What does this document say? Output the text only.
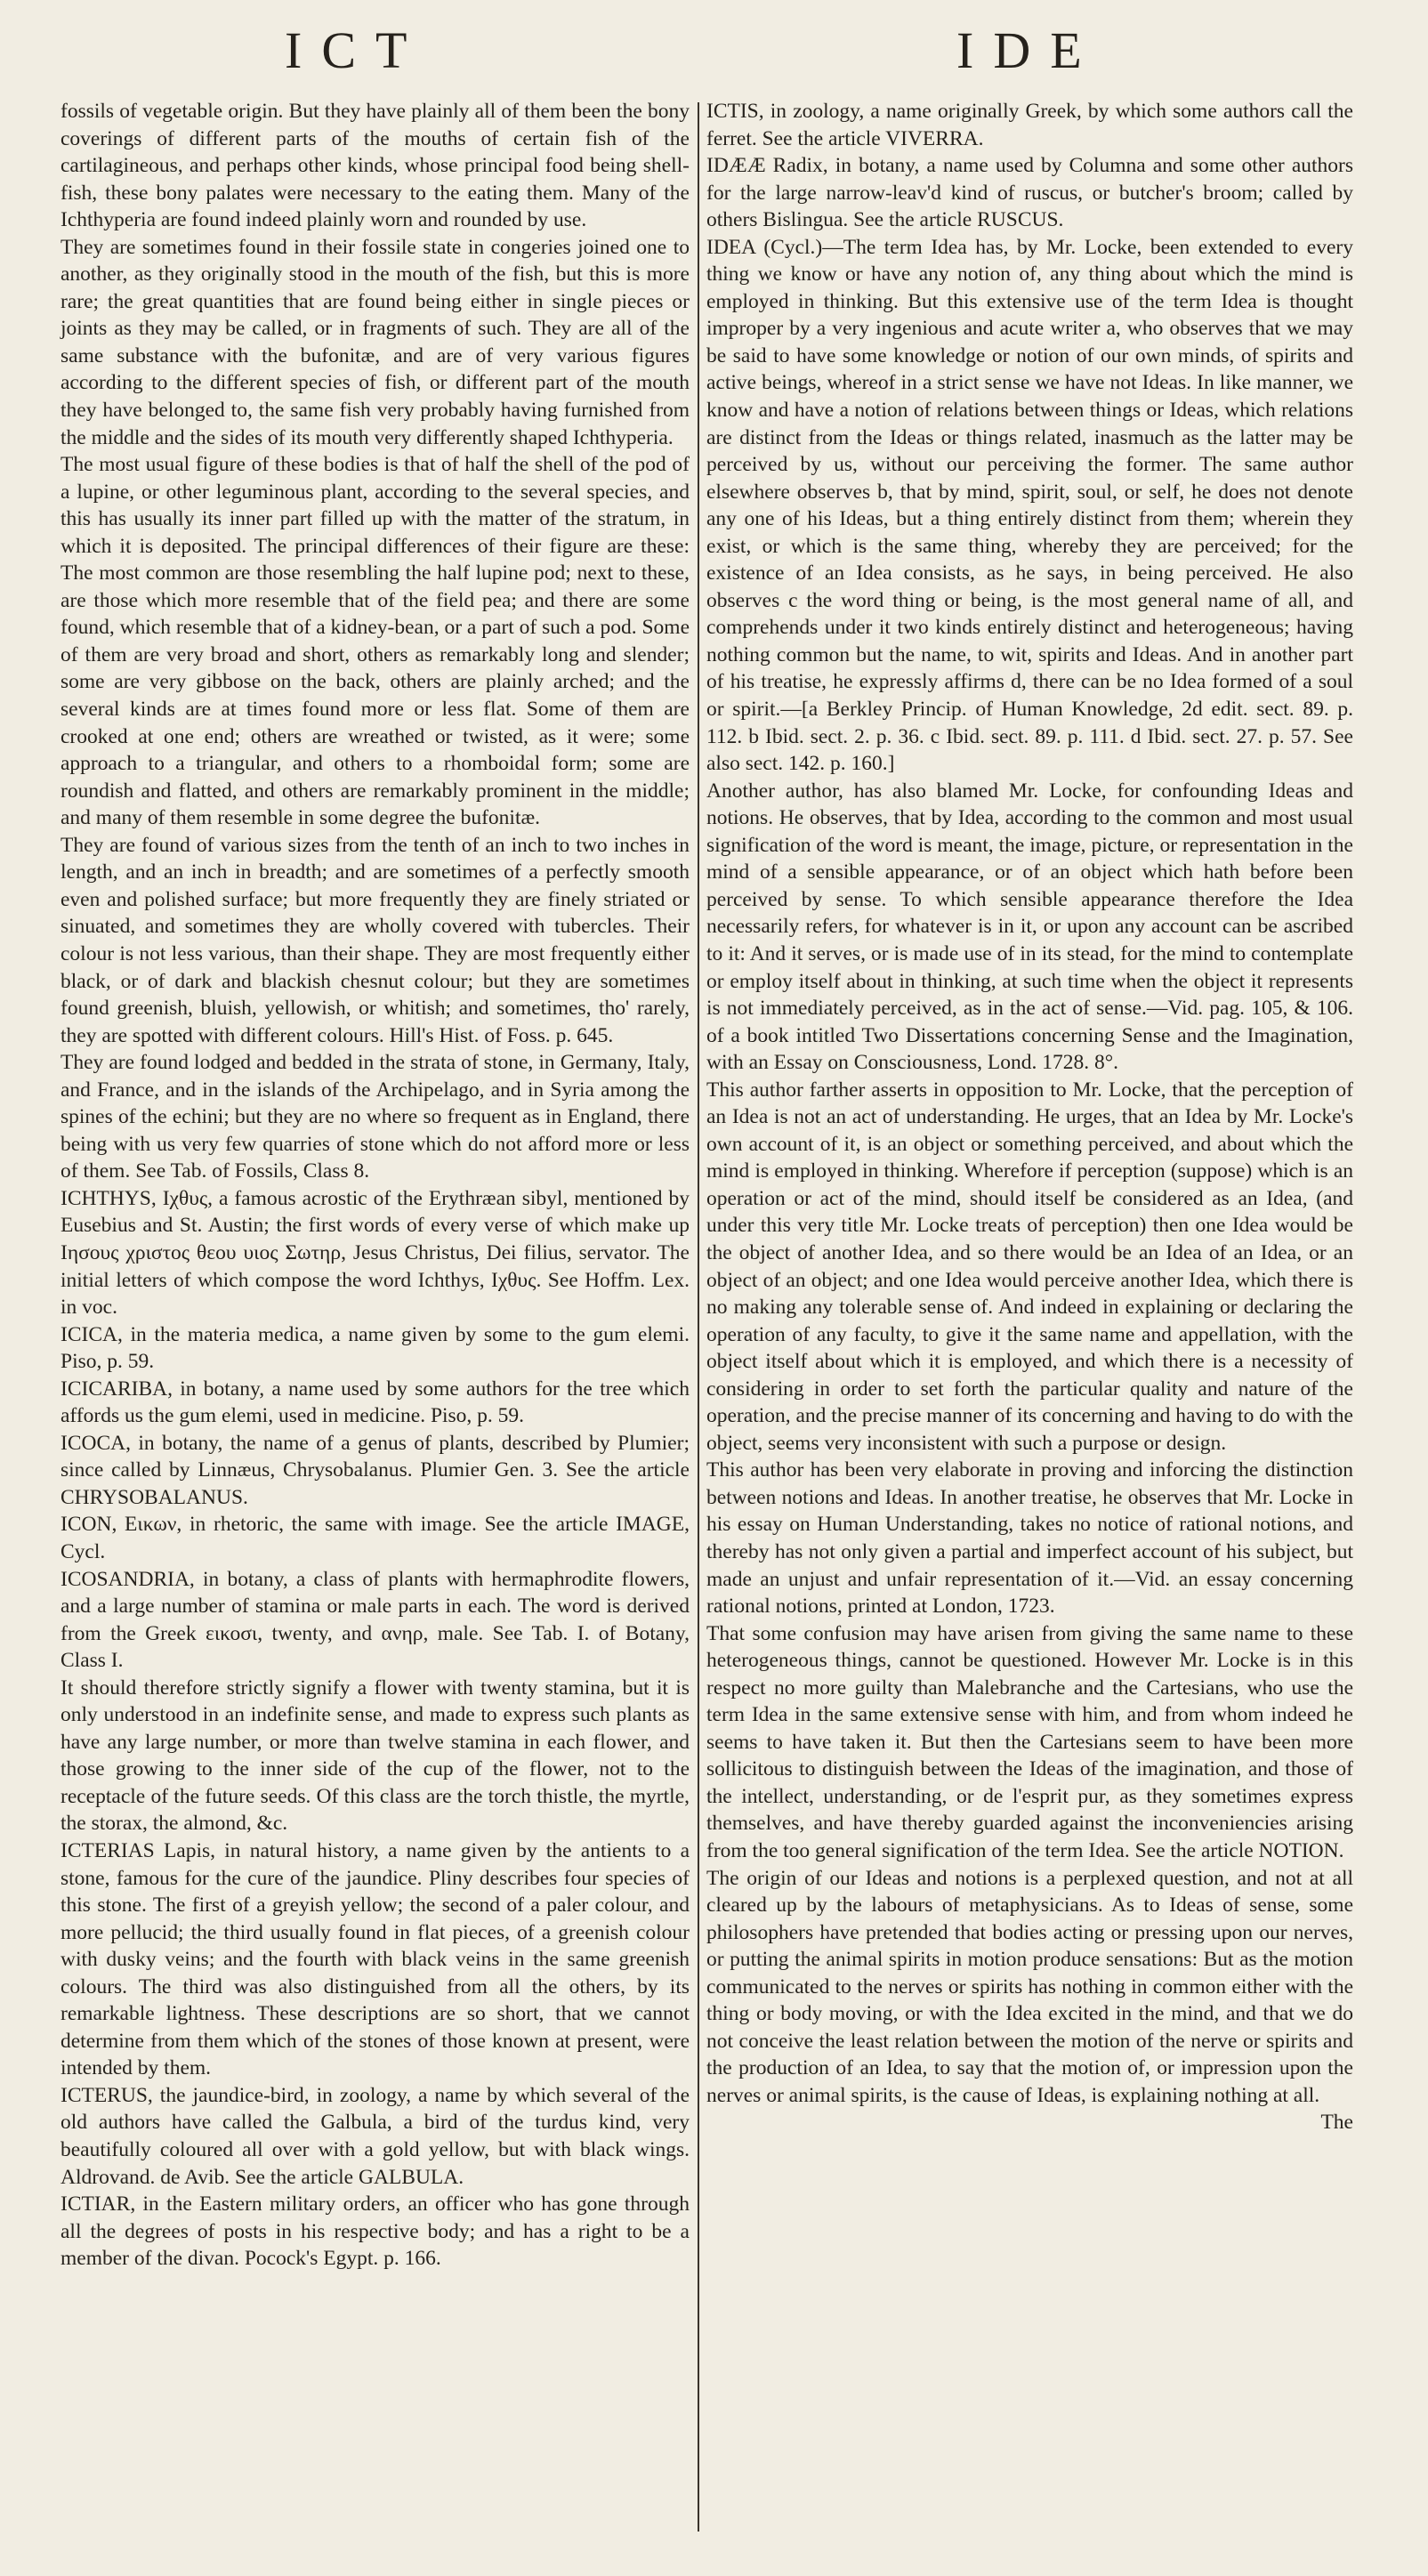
ICT	IDE

fossils of vegetable origin. But they have plainly all of them been the bony coverings of different parts of the mouths of certain fish of the cartilagineous, and perhaps other kinds, whose principal food being shell-fish, these bony palates were necessary to the eating them. Many of the Ichthyperia are found indeed plainly worn and rounded by use.

They are sometimes found in their fossile state in congeries joined one to another, as they originally stood in the mouth of the fish, but this is more rare; the great quantities that are found being either in single pieces or joints as they may be called, or in fragments of such. They are all of the same substance with the bufonitæ, and are of very various figures according to the different species of fish, or different part of the mouth they have belonged to, the same fish very probably having furnished from the middle and the sides of its mouth very differently shaped Ichthyperia.

The most usual figure of these bodies is that of half the shell of the pod of a lupine, or other leguminous plant, according to the several species, and this has usually its inner part filled up with the matter of the stratum, in which it is deposited. The principal differences of their figure are these: The most common are those resembling the half lupine pod; next to these, are those which more resemble that of the field pea; and there are some found, which resemble that of a kidney-bean, or a part of such a pod. Some of them are very broad and short, others as remarkably long and slender; some are very gibbose on the back, others are plainly arched; and the several kinds are at times found more or less flat. Some of them are crooked at one end; others are wreathed or twisted, as it were; some approach to a triangular, and others to a rhomboidal form; some are roundish and flatted, and others are remarkably prominent in the middle; and many of them resemble in some degree the bufonitæ.

They are found of various sizes from the tenth of an inch to two inches in length, and an inch in breadth; and are sometimes of a perfectly smooth even and polished surface; but more frequently they are finely striated or sinuated, and sometimes they are wholly covered with tubercles. Their colour is not less various, than their shape. They are most frequently either black, or of dark and blackish chesnut colour; but they are sometimes found greenish, bluish, yellowish, or whitish; and sometimes, tho' rarely, they are spotted with different colours. Hill's Hist. of Foss. p. 645.

They are found lodged and bedded in the strata of stone, in Germany, Italy, and France, and in the islands of the Archipelago, and in Syria among the spines of the echini; but they are no where so frequent as in England, there being with us very few quarries of stone which do not afford more or less of them. See Tab. of Fossils, Class 8.

ICHTHYS, Ιχθυς, a famous acrostic of the Erythræan sibyl, mentioned by Eusebius and St. Austin; the first words of every verse of which make up Ιησους χριστος θεου υιος Σωτηρ, Jesus Christus, Dei filius, servator. The initial letters of which compose the word Ichthys, Ιχθυς. See Hoffm. Lex. in voc.

ICICA, in the materia medica, a name given by some to the gum elemi. Piso, p. 59.

ICICARIBA, in botany, a name used by some authors for the tree which affords us the gum elemi, used in medicine. Piso, p. 59.

ICOCA, in botany, the name of a genus of plants, described by Plumier; since called by Linnæus, Chrysobalanus. Plumier Gen. 3. See the article CHRYSOBALANUS.

ICON, Εικων, in rhetoric, the same with image. See the article IMAGE, Cycl.

ICOSANDRIA, in botany, a class of plants with hermaphrodite flowers, and a large number of stamina or male parts in each. The word is derived from the Greek εικοσι, twenty, and ανηρ, male. See Tab. I. of Botany, Class I.

It should therefore strictly signify a flower with twenty stamina, but it is only understood in an indefinite sense, and made to express such plants as have any large number, or more than twelve stamina in each flower, and those growing to the inner side of the cup of the flower, not to the receptacle of the future seeds. Of this class are the torch thistle, the myrtle, the storax, the almond, &c.

ICTERIAS Lapis, in natural history, a name given by the antients to a stone, famous for the cure of the jaundice. Pliny describes four species of this stone. The first of a greyish yellow; the second of a paler colour, and more pellucid; the third usually found in flat pieces, of a greenish colour with dusky veins; and the fourth with black veins in the same greenish colours. The third was also distinguished from all the others, by its remarkable lightness. These descriptions are so short, that we cannot determine from them which of the stones of those known at present, were intended by them.

ICTERUS, the jaundice-bird, in zoology, a name by which several of the old authors have called the Galbula, a bird of the turdus kind, very beautifully coloured all over with a gold yellow, but with black wings. Aldrovand. de Avib. See the article GALBULA.

ICTIAR, in the Eastern military orders, an officer who has gone through all the degrees of posts in his respective body; and has a right to be a member of the divan. Pocock's Egypt. p. 166.

ICTIS, in zoology, a name originally Greek, by which some authors call the ferret. See the article VIVERRA.

IDÆÆ Radix, in botany, a name used by Columna and some other authors for the large narrow-leav'd kind of ruscus, or butcher's broom; called by others Bislingua. See the article RUSCUS.

IDEA (Cycl.)—The term Idea has, by Mr. Locke, been extended to every thing we know or have any notion of, any thing about which the mind is employed in thinking. But this extensive use of the term Idea is thought improper by a very ingenious and acute writer a, who observes that we may be said to have some knowledge or notion of our own minds, of spirits and active beings, whereof in a strict sense we have not Ideas. In like manner, we know and have a notion of relations between things or Ideas, which relations are distinct from the Ideas or things related, inasmuch as the latter may be perceived by us, without our perceiving the former. The same author elsewhere observes b, that by mind, spirit, soul, or self, he does not denote any one of his Ideas, but a thing entirely distinct from them; wherein they exist, or which is the same thing, whereby they are perceived; for the existence of an Idea consists, as he says, in being perceived. He also observes c the word thing or being, is the most general name of all, and comprehends under it two kinds entirely distinct and heterogeneous; having nothing common but the name, to wit, spirits and Ideas. And in another part of his treatise, he expressly affirms d, there can be no Idea formed of a soul or spirit.—[a Berkley Princip. of Human Knowledge, 2d edit. sect. 89. p. 112. b Ibid. sect. 2. p. 36. c Ibid. sect. 89. p. 111. d Ibid. sect. 27. p. 57. See also sect. 142. p. 160.]

Another author, has also blamed Mr. Locke, for confounding Ideas and notions. He observes, that by Idea, according to the common and most usual signification of the word is meant, the image, picture, or representation in the mind of a sensible appearance, or of an object which hath before been perceived by sense. To which sensible appearance therefore the Idea necessarily refers, for whatever is in it, or upon any account can be ascribed to it: And it serves, or is made use of in its stead, for the mind to contemplate or employ itself about in thinking, at such time when the object it represents is not immediately perceived, as in the act of sense.—Vid. pag. 105, & 106. of a book intitled Two Dissertations concerning Sense and the Imagination, with an Essay on Consciousness, Lond. 1728. 8°.

This author farther asserts in opposition to Mr. Locke, that the perception of an Idea is not an act of understanding. He urges, that an Idea by Mr. Locke's own account of it, is an object or something perceived, and about which the mind is employed in thinking. Wherefore if perception (suppose) which is an operation or act of the mind, should itself be considered as an Idea, (and under this very title Mr. Locke treats of perception) then one Idea would be the object of another Idea, and so there would be an Idea of an Idea, or an object of an object; and one Idea would perceive another Idea, which there is no making any tolerable sense of. And indeed in explaining or declaring the operation of any faculty, to give it the same name and appellation, with the object itself about which it is employed, and which there is a necessity of considering in order to set forth the particular quality and nature of the operation, and the precise manner of its concerning and having to do with the object, seems very inconsistent with such a purpose or design.

This author has been very elaborate in proving and inforcing the distinction between notions and Ideas. In another treatise, he observes that Mr. Locke in his essay on Human Understanding, takes no notice of rational notions, and thereby has not only given a partial and imperfect account of his subject, but made an unjust and unfair representation of it.—Vid. an essay concerning rational notions, printed at London, 1723.

That some confusion may have arisen from giving the same name to these heterogeneous things, cannot be questioned. However Mr. Locke is in this respect no more guilty than Malebranche and the Cartesians, who use the term Idea in the same extensive sense with him, and from whom indeed he seems to have taken it. But then the Cartesians seem to have been more sollicitous to distinguish between the Ideas of the imagination, and those of the intellect, understanding, or de l'esprit pur, as they sometimes express themselves, and have thereby guarded against the inconveniencies arising from the too general signification of the term Idea. See the article NOTION.

The origin of our Ideas and notions is a perplexed question, and not at all cleared up by the labours of metaphysicians. As to Ideas of sense, some philosophers have pretended that bodies acting or pressing upon our nerves, or putting the animal spirits in motion produce sensations: But as the motion communicated to the nerves or spirits has nothing in common either with the thing or body moving, or with the Idea excited in the mind, and that we do not conceive the least relation between the motion of the nerve or spirits and the production of an Idea, to say that the motion of, or impression upon the nerves or animal spirits, is the cause of Ideas, is explaining nothing at all.

The
